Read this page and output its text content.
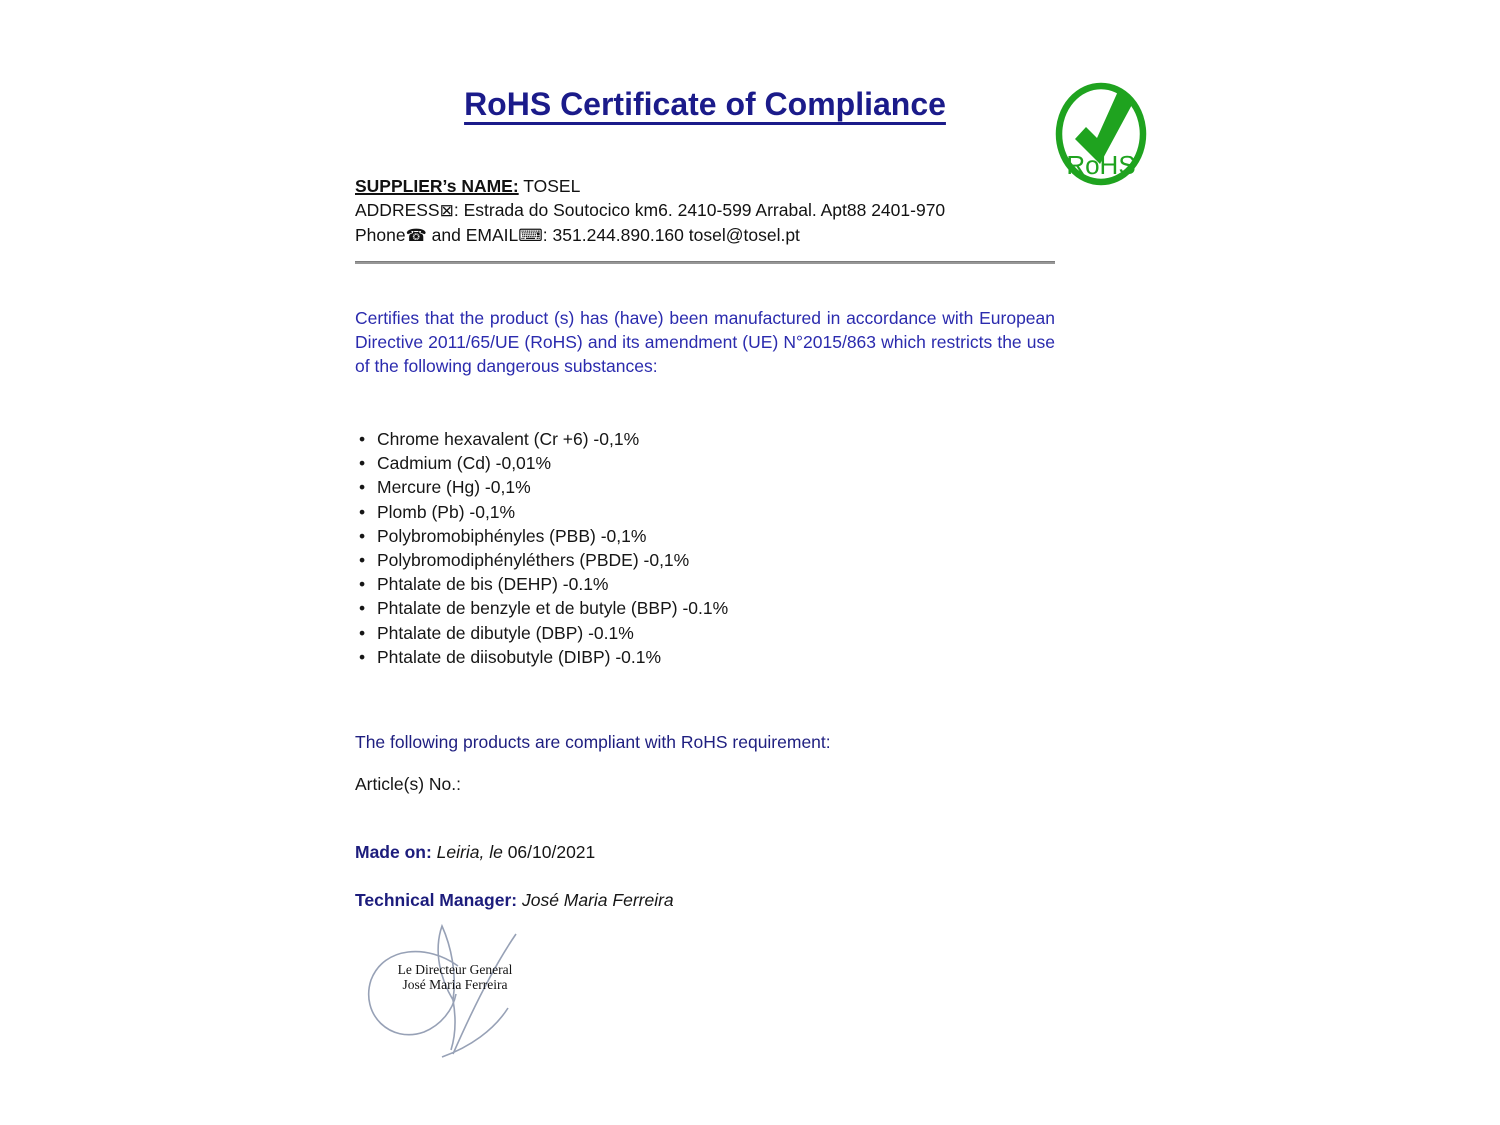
RoHS Certificate of Compliance
RoHS
SUPPLIER’s NAME: TOSEL
ADDRESS⊠: Estrada do Soutocico km6. 2410-599 Arrabal. Apt88 2401-970
Phone☎ and EMAIL⌨: 351.244.890.160 tosel@tosel.pt
Certifies that the product (s) has (have) been manufactured in accordance with European Directive 2011/65/UE (RoHS) and its amendment (UE) N°2015/863 which restricts the use of the following dangerous substances:
• Chrome hexavalent (Cr +6) -0,1%
• Cadmium (Cd) -0,01%
• Mercure (Hg) -0,1%
• Plomb (Pb) -0,1%
• Polybromobiphényles (PBB) -0,1%
• Polybromodiphényléthers (PBDE) -0,1%
• Phtalate de bis (DEHP) -0.1%
• Phtalate de benzyle et de butyle (BBP) -0.1%
• Phtalate de dibutyle (DBP) -0.1%
• Phtalate de diisobutyle (DIBP) -0.1%
The following products are compliant with RoHS requirement:
Article(s) No.:
Made on: Leiria, le 06/10/2021
Technical Manager: José Maria Ferreira
Le Directeur General
José Maria Ferreira
